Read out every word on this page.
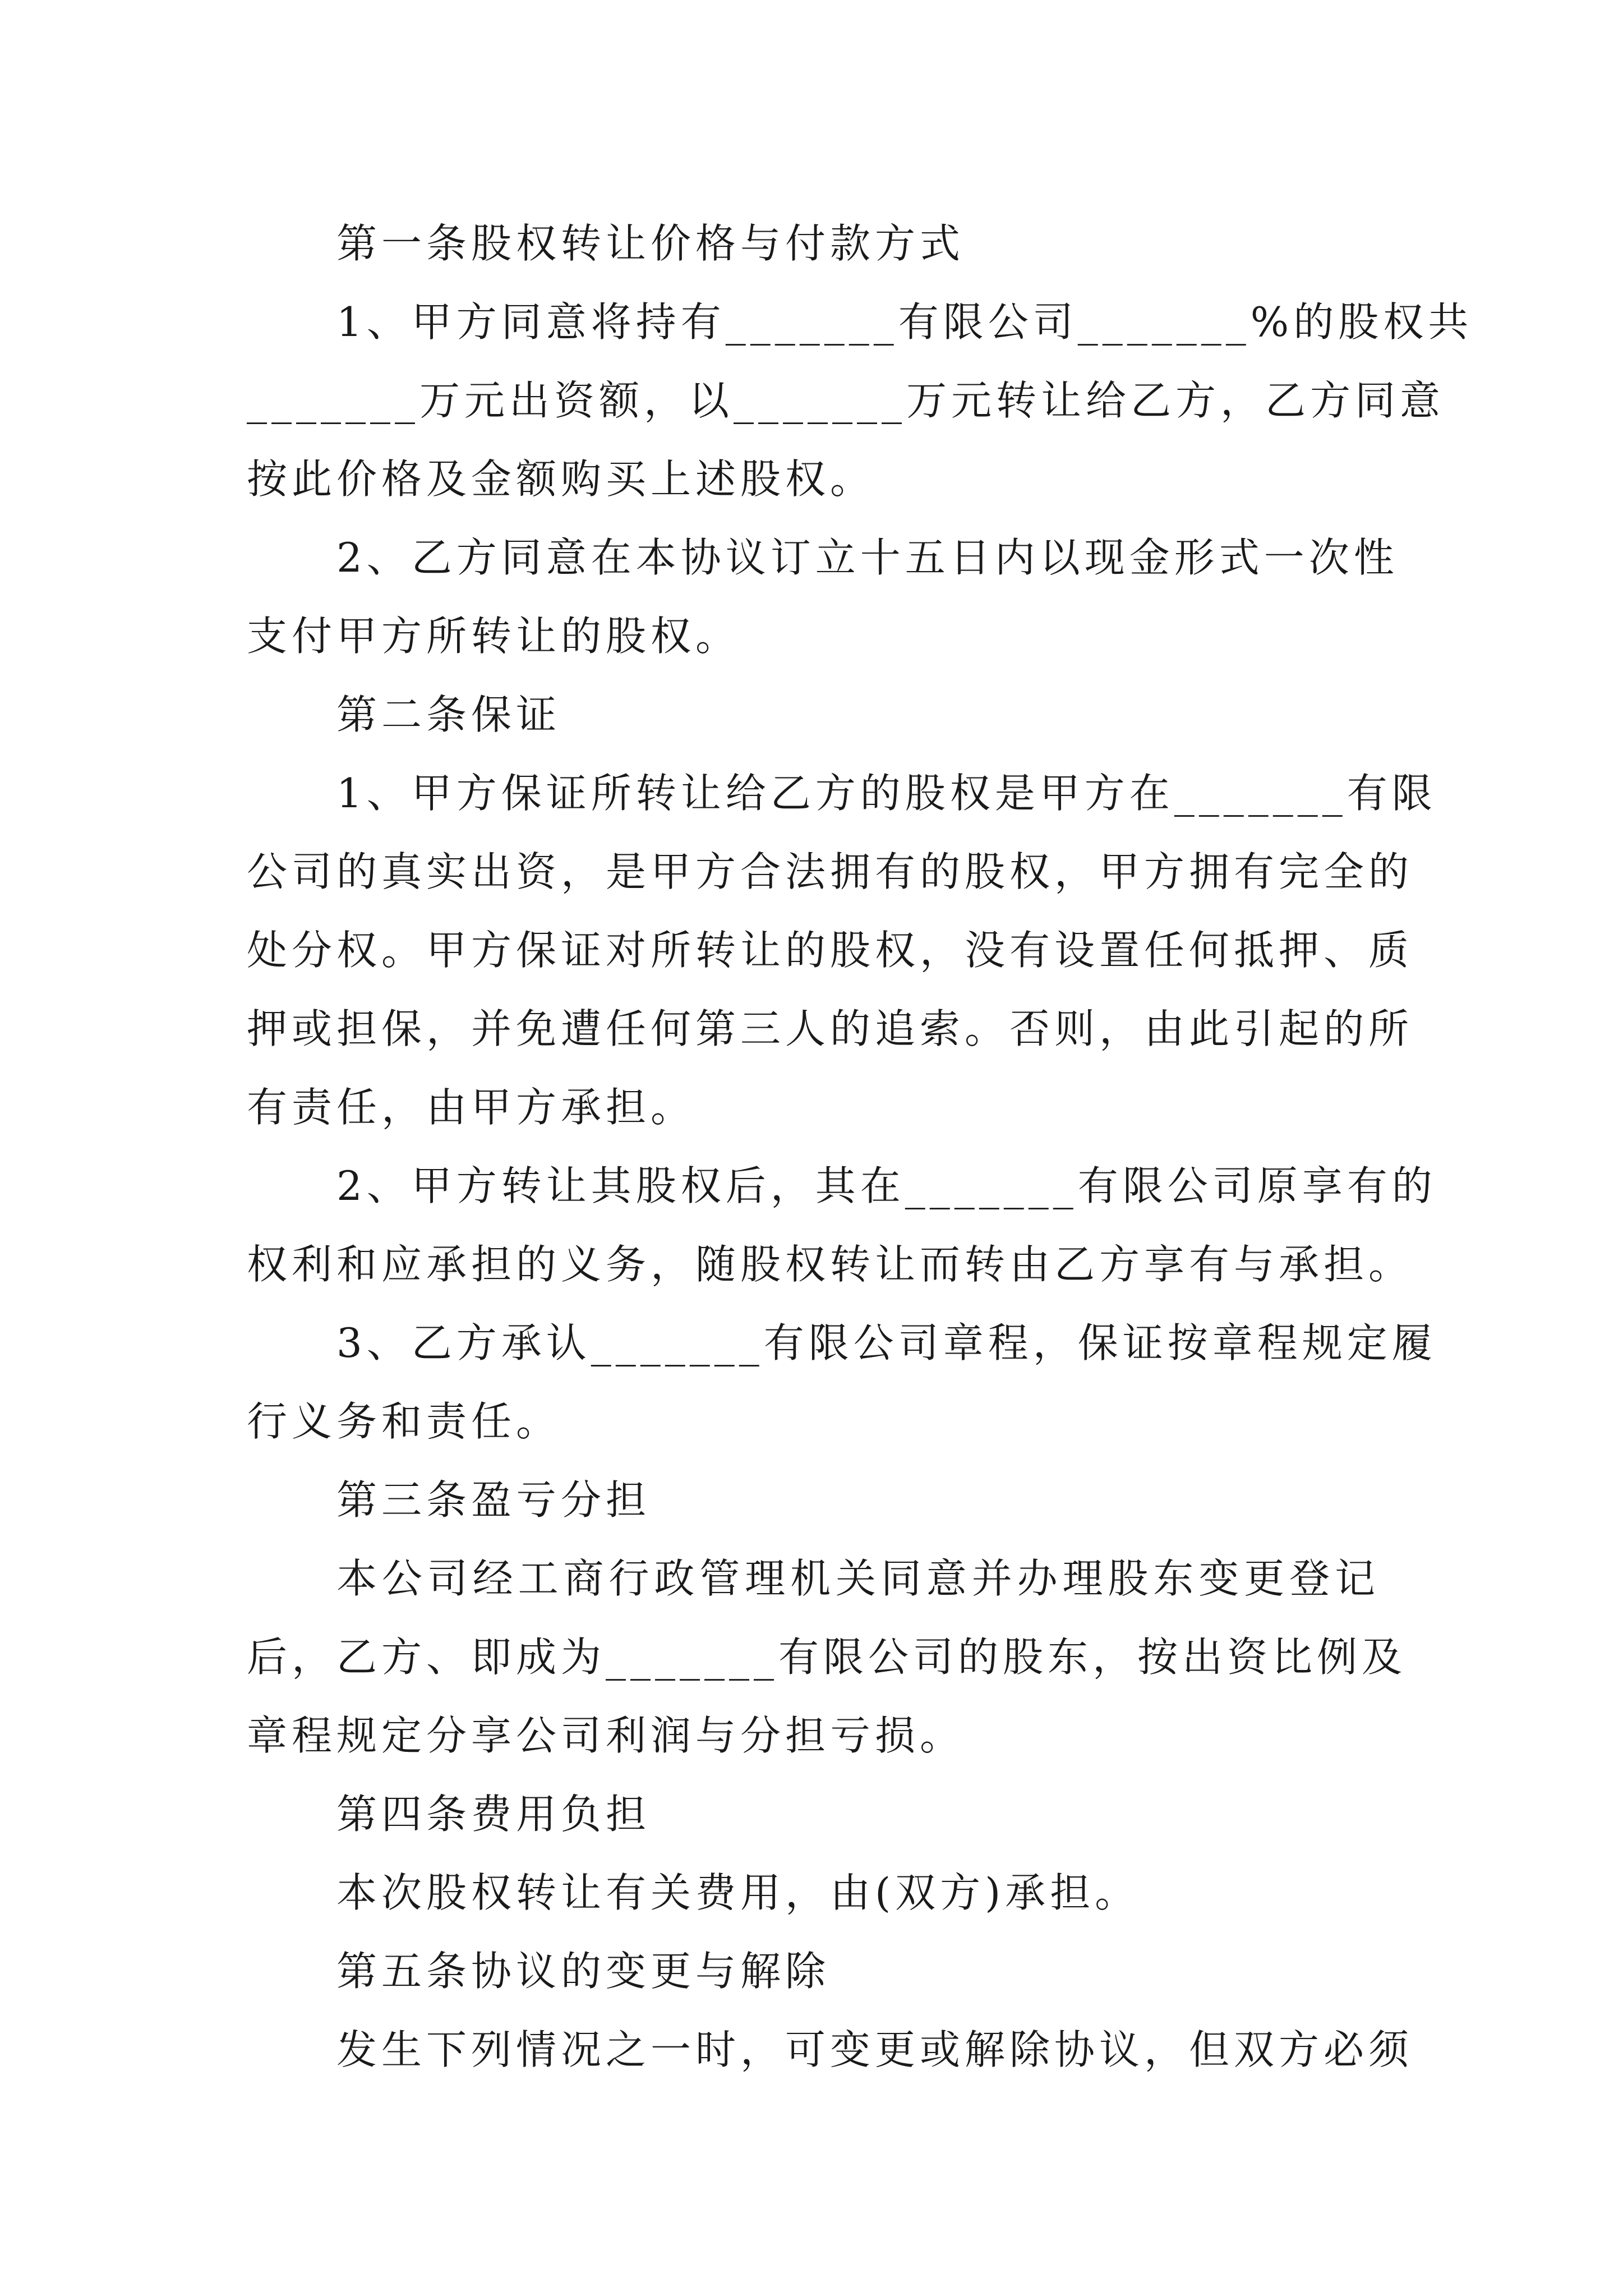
第一条股权转让价格与付款方式
1、甲方同意将持有_______有限公司_______%的股权共
_______万元出资额，以_______万元转让给乙方，乙方同意
按此价格及金额购买上述股权。
2、乙方同意在本协议订立十五日内以现金形式一次性
支付甲方所转让的股权。
第二条保证
1、甲方保证所转让给乙方的股权是甲方在_______有限
公司的真实出资，是甲方合法拥有的股权，甲方拥有完全的
处分权。甲方保证对所转让的股权，没有设置任何抵押、质
押或担保，并免遭任何第三人的追索。否则，由此引起的所
有责任，由甲方承担。
2、甲方转让其股权后，其在_______有限公司原享有的
权利和应承担的义务，随股权转让而转由乙方享有与承担。
3、乙方承认_______有限公司章程，保证按章程规定履
行义务和责任。
第三条盈亏分担
本公司经工商行政管理机关同意并办理股东变更登记
后，乙方、即成为_______有限公司的股东，按出资比例及
章程规定分享公司利润与分担亏损。
第四条费用负担
本次股权转让有关费用，由(双方)承担。
第五条协议的变更与解除
发生下列情况之一时，可变更或解除协议，但双方必须
